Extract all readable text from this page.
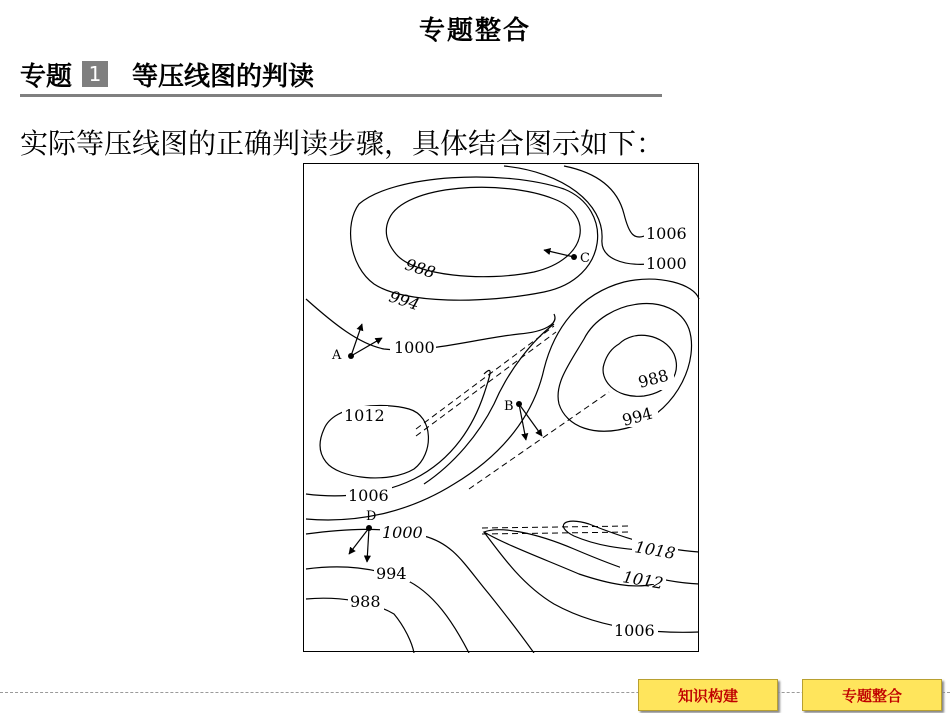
专题整合
专题 1 等压线图的判读
实际等压线图的正确判读步骤，具体结合图示如下：
1006
1000
988
994
1000
988
994
1012
1006
1000
994
988
1018
1012
1006
A
B
C
D
知识构建	专题整合
